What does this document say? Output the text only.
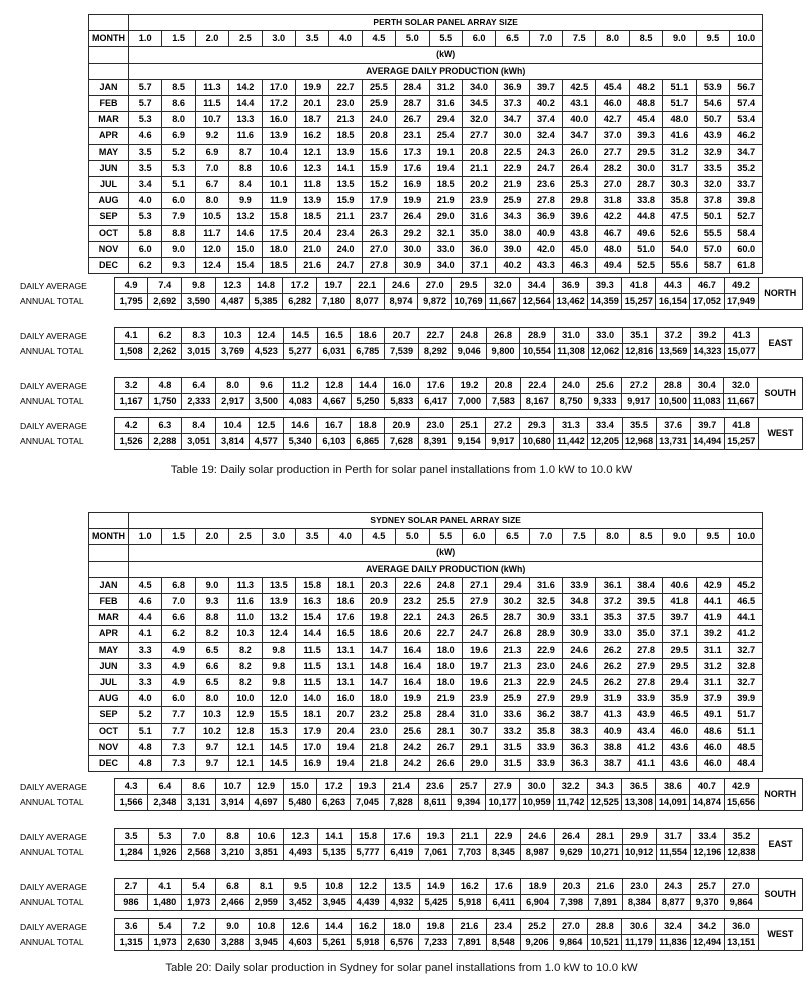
	PERTH SOLAR PANEL ARRAY SIZE																		
MONTH	1.0	1.5	2.0	2.5	3.0	3.5	4.0	4.5	5.0	5.5	6.0	6.5	7.0	7.5	8.0	8.5	9.0	9.5	10.0
	(kW)																		
	AVERAGE DAILY PRODUCTION (kWh)																		
JAN	5.7	8.5	11.3	14.2	17.0	19.9	22.7	25.5	28.4	31.2	34.0	36.9	39.7	42.5	45.4	48.2	51.1	53.9	56.7
FEB	5.7	8.6	11.5	14.4	17.2	20.1	23.0	25.9	28.7	31.6	34.5	37.3	40.2	43.1	46.0	48.8	51.7	54.6	57.4
MAR	5.3	8.0	10.7	13.3	16.0	18.7	21.3	24.0	26.7	29.4	32.0	34.7	37.4	40.0	42.7	45.4	48.0	50.7	53.4
APR	4.6	6.9	9.2	11.6	13.9	16.2	18.5	20.8	23.1	25.4	27.7	30.0	32.4	34.7	37.0	39.3	41.6	43.9	46.2
MAY	3.5	5.2	6.9	8.7	10.4	12.1	13.9	15.6	17.3	19.1	20.8	22.5	24.3	26.0	27.7	29.5	31.2	32.9	34.7
JUN	3.5	5.3	7.0	8.8	10.6	12.3	14.1	15.9	17.6	19.4	21.1	22.9	24.7	26.4	28.2	30.0	31.7	33.5	35.2
JUL	3.4	5.1	6.7	8.4	10.1	11.8	13.5	15.2	16.9	18.5	20.2	21.9	23.6	25.3	27.0	28.7	30.3	32.0	33.7
AUG	4.0	6.0	8.0	9.9	11.9	13.9	15.9	17.9	19.9	21.9	23.9	25.9	27.8	29.8	31.8	33.8	35.8	37.8	39.8
SEP	5.3	7.9	10.5	13.2	15.8	18.5	21.1	23.7	26.4	29.0	31.6	34.3	36.9	39.6	42.2	44.8	47.5	50.1	52.7
OCT	5.8	8.8	11.7	14.6	17.5	20.4	23.4	26.3	29.2	32.1	35.0	38.0	40.9	43.8	46.7	49.6	52.6	55.5	58.4
NOV	6.0	9.0	12.0	15.0	18.0	21.0	24.0	27.0	30.0	33.0	36.0	39.0	42.0	45.0	48.0	51.0	54.0	57.0	60.0
DEC	6.2	9.3	12.4	15.4	18.5	21.6	24.7	27.8	30.9	34.0	37.1	40.2	43.3	46.3	49.4	52.5	55.6	58.7	61.8
DAILY AVERAGE
ANNUAL TOTAL
4.9	7.4	9.8	12.3	14.8	17.2	19.7	22.1	24.6	27.0	29.5	32.0	34.4	36.9	39.3	41.8	44.3	46.7	49.2	NORTH
1,795	2,692	3,590	4,487	5,385	6,282	7,180	8,077	8,974	9,872	10,769	11,667	12,564	13,462	14,359	15,257	16,154	17,052	17,949	
DAILY AVERAGE
ANNUAL TOTAL
4.1	6.2	8.3	10.3	12.4	14.5	16.5	18.6	20.7	22.7	24.8	26.8	28.9	31.0	33.0	35.1	37.2	39.2	41.3	EAST
1,508	2,262	3,015	3,769	4,523	5,277	6,031	6,785	7,539	8,292	9,046	9,800	10,554	11,308	12,062	12,816	13,569	14,323	15,077	
DAILY AVERAGE
ANNUAL TOTAL
3.2	4.8	6.4	8.0	9.6	11.2	12.8	14.4	16.0	17.6	19.2	20.8	22.4	24.0	25.6	27.2	28.8	30.4	32.0	SOUTH
1,167	1,750	2,333	2,917	3,500	4,083	4,667	5,250	5,833	6,417	7,000	7,583	8,167	8,750	9,333	9,917	10,500	11,083	11,667	
DAILY AVERAGE
ANNUAL TOTAL
4.2	6.3	8.4	10.4	12.5	14.6	16.7	18.8	20.9	23.0	25.1	27.2	29.3	31.3	33.4	35.5	37.6	39.7	41.8	WEST
1,526	2,288	3,051	3,814	4,577	5,340	6,103	6,865	7,628	8,391	9,154	9,917	10,680	11,442	12,205	12,968	13,731	14,494	15,257	
Table 19: Daily solar production in Perth for solar panel installations from 1.0 kW to 10.0 kW
	SYDNEY SOLAR PANEL ARRAY SIZE																		
MONTH	1.0	1.5	2.0	2.5	3.0	3.5	4.0	4.5	5.0	5.5	6.0	6.5	7.0	7.5	8.0	8.5	9.0	9.5	10.0
	(kW)																		
	AVERAGE DAILY PRODUCTION (kWh)																		
JAN	4.5	6.8	9.0	11.3	13.5	15.8	18.1	20.3	22.6	24.8	27.1	29.4	31.6	33.9	36.1	38.4	40.6	42.9	45.2
FEB	4.6	7.0	9.3	11.6	13.9	16.3	18.6	20.9	23.2	25.5	27.9	30.2	32.5	34.8	37.2	39.5	41.8	44.1	46.5
MAR	4.4	6.6	8.8	11.0	13.2	15.4	17.6	19.8	22.1	24.3	26.5	28.7	30.9	33.1	35.3	37.5	39.7	41.9	44.1
APR	4.1	6.2	8.2	10.3	12.4	14.4	16.5	18.6	20.6	22.7	24.7	26.8	28.9	30.9	33.0	35.0	37.1	39.2	41.2
MAY	3.3	4.9	6.5	8.2	9.8	11.5	13.1	14.7	16.4	18.0	19.6	21.3	22.9	24.6	26.2	27.8	29.5	31.1	32.7
JUN	3.3	4.9	6.6	8.2	9.8	11.5	13.1	14.8	16.4	18.0	19.7	21.3	23.0	24.6	26.2	27.9	29.5	31.2	32.8
JUL	3.3	4.9	6.5	8.2	9.8	11.5	13.1	14.7	16.4	18.0	19.6	21.3	22.9	24.5	26.2	27.8	29.4	31.1	32.7
AUG	4.0	6.0	8.0	10.0	12.0	14.0	16.0	18.0	19.9	21.9	23.9	25.9	27.9	29.9	31.9	33.9	35.9	37.9	39.9
SEP	5.2	7.7	10.3	12.9	15.5	18.1	20.7	23.2	25.8	28.4	31.0	33.6	36.2	38.7	41.3	43.9	46.5	49.1	51.7
OCT	5.1	7.7	10.2	12.8	15.3	17.9	20.4	23.0	25.6	28.1	30.7	33.2	35.8	38.3	40.9	43.4	46.0	48.6	51.1
NOV	4.8	7.3	9.7	12.1	14.5	17.0	19.4	21.8	24.2	26.7	29.1	31.5	33.9	36.3	38.8	41.2	43.6	46.0	48.5
DEC	4.8	7.3	9.7	12.1	14.5	16.9	19.4	21.8	24.2	26.6	29.0	31.5	33.9	36.3	38.7	41.1	43.6	46.0	48.4
DAILY AVERAGE
ANNUAL TOTAL
4.3	6.4	8.6	10.7	12.9	15.0	17.2	19.3	21.4	23.6	25.7	27.9	30.0	32.2	34.3	36.5	38.6	40.7	42.9	NORTH
1,566	2,348	3,131	3,914	4,697	5,480	6,263	7,045	7,828	8,611	9,394	10,177	10,959	11,742	12,525	13,308	14,091	14,874	15,656	
DAILY AVERAGE
ANNUAL TOTAL
3.5	5.3	7.0	8.8	10.6	12.3	14.1	15.8	17.6	19.3	21.1	22.9	24.6	26.4	28.1	29.9	31.7	33.4	35.2	EAST
1,284	1,926	2,568	3,210	3,851	4,493	5,135	5,777	6,419	7,061	7,703	8,345	8,987	9,629	10,271	10,912	11,554	12,196	12,838	
DAILY AVERAGE
ANNUAL TOTAL
2.7	4.1	5.4	6.8	8.1	9.5	10.8	12.2	13.5	14.9	16.2	17.6	18.9	20.3	21.6	23.0	24.3	25.7	27.0	SOUTH
986	1,480	1,973	2,466	2,959	3,452	3,945	4,439	4,932	5,425	5,918	6,411	6,904	7,398	7,891	8,384	8,877	9,370	9,864	
DAILY AVERAGE
ANNUAL TOTAL
3.6	5.4	7.2	9.0	10.8	12.6	14.4	16.2	18.0	19.8	21.6	23.4	25.2	27.0	28.8	30.6	32.4	34.2	36.0	WEST
1,315	1,973	2,630	3,288	3,945	4,603	5,261	5,918	6,576	7,233	7,891	8,548	9,206	9,864	10,521	11,179	11,836	12,494	13,151	
Table 20: Daily solar production in Sydney for solar panel installations from 1.0 kW to 10.0 kW
